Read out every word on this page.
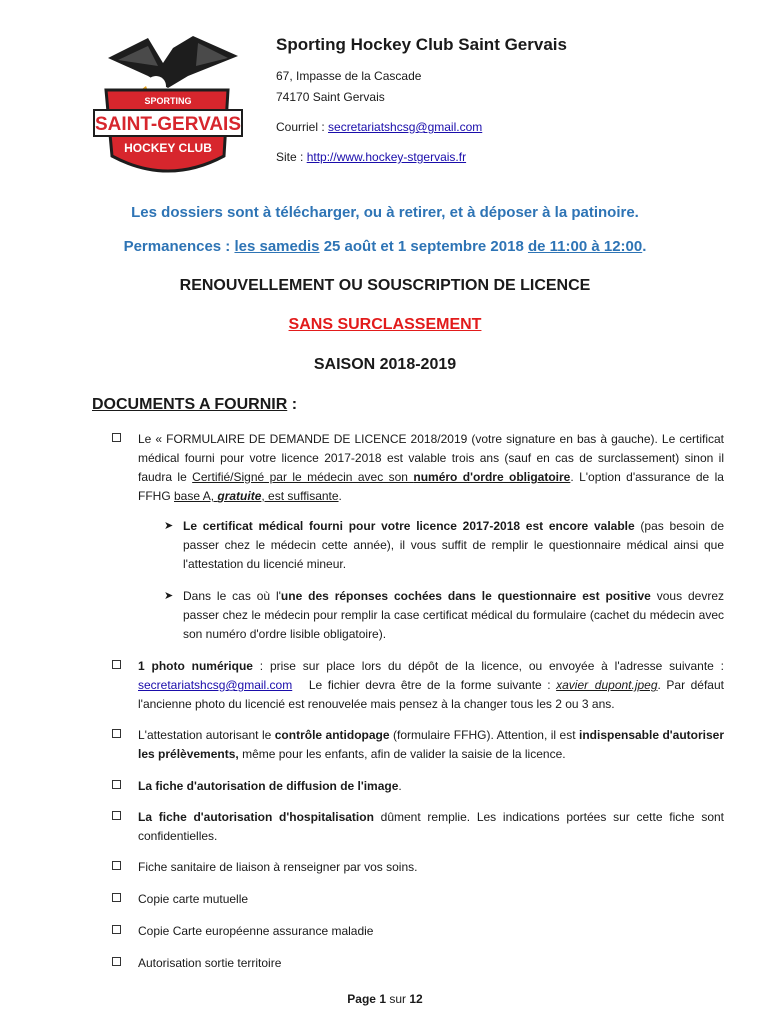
SPORTING
SAINT-GERVAIS
HOCKEY CLUB
Sporting Hockey Club Saint Gervais
67, Impasse de la Cascade
74170 Saint Gervais
Courriel : secretariatshcsg@gmail.com
Site : http://www.hockey-stgervais.fr
Les dossiers sont à télécharger, ou à retirer, et à déposer à la patinoire.
Permanences : les samedis 25 août et 1 septembre 2018 de 11:00 à 12:00.
RENOUVELLEMENT OU SOUSCRIPTION DE LICENCE
SANS SURCLASSEMENT
SAISON 2018-2019
DOCUMENTS A FOURNIR :
Le « FORMULAIRE DE DEMANDE DE LICENCE 2018/2019 (votre signature en bas à gauche). Le certificat médical fourni pour votre licence 2017-2018 est valable trois ans (sauf en cas de surclassement) sinon il faudra le Certifié/Signé par le médecin avec son numéro d'ordre obligatoire. L'option d'assurance de la FFHG base A, gratuite, est suffisante.
➤ Le certificat médical fourni pour votre licence 2017-2018 est encore valable (pas besoin de passer chez le médecin cette année), il vous suffit de remplir le questionnaire médical ainsi que l'attestation du licencié mineur.
➤ Dans le cas où l'une des réponses cochées dans le questionnaire est positive vous devrez passer chez le médecin pour remplir la case certificat médical du formulaire (cachet du médecin avec son numéro d'ordre lisible obligatoire).
1 photo numérique : prise sur place lors du dépôt de la licence, ou envoyée à l'adresse suivante : secretariatshcsg@gmail.com   Le fichier devra être de la forme suivante : xavier_dupont.jpeg. Par défaut l'ancienne photo du licencié est renouvelée mais pensez à la changer tous les 2 ou 3 ans.
L'attestation autorisant le contrôle antidopage (formulaire FFHG). Attention, il est indispensable d'autoriser les prélèvements, même pour les enfants, afin de valider la saisie de la licence.
La fiche d'autorisation de diffusion de l'image.
La fiche d'autorisation d'hospitalisation dûment remplie. Les indications portées sur cette fiche sont confidentielles.
Fiche sanitaire de liaison à renseigner par vos soins.
Copie carte mutuelle
Copie Carte européenne assurance maladie
Autorisation sortie territoire
Page 1 sur 12
